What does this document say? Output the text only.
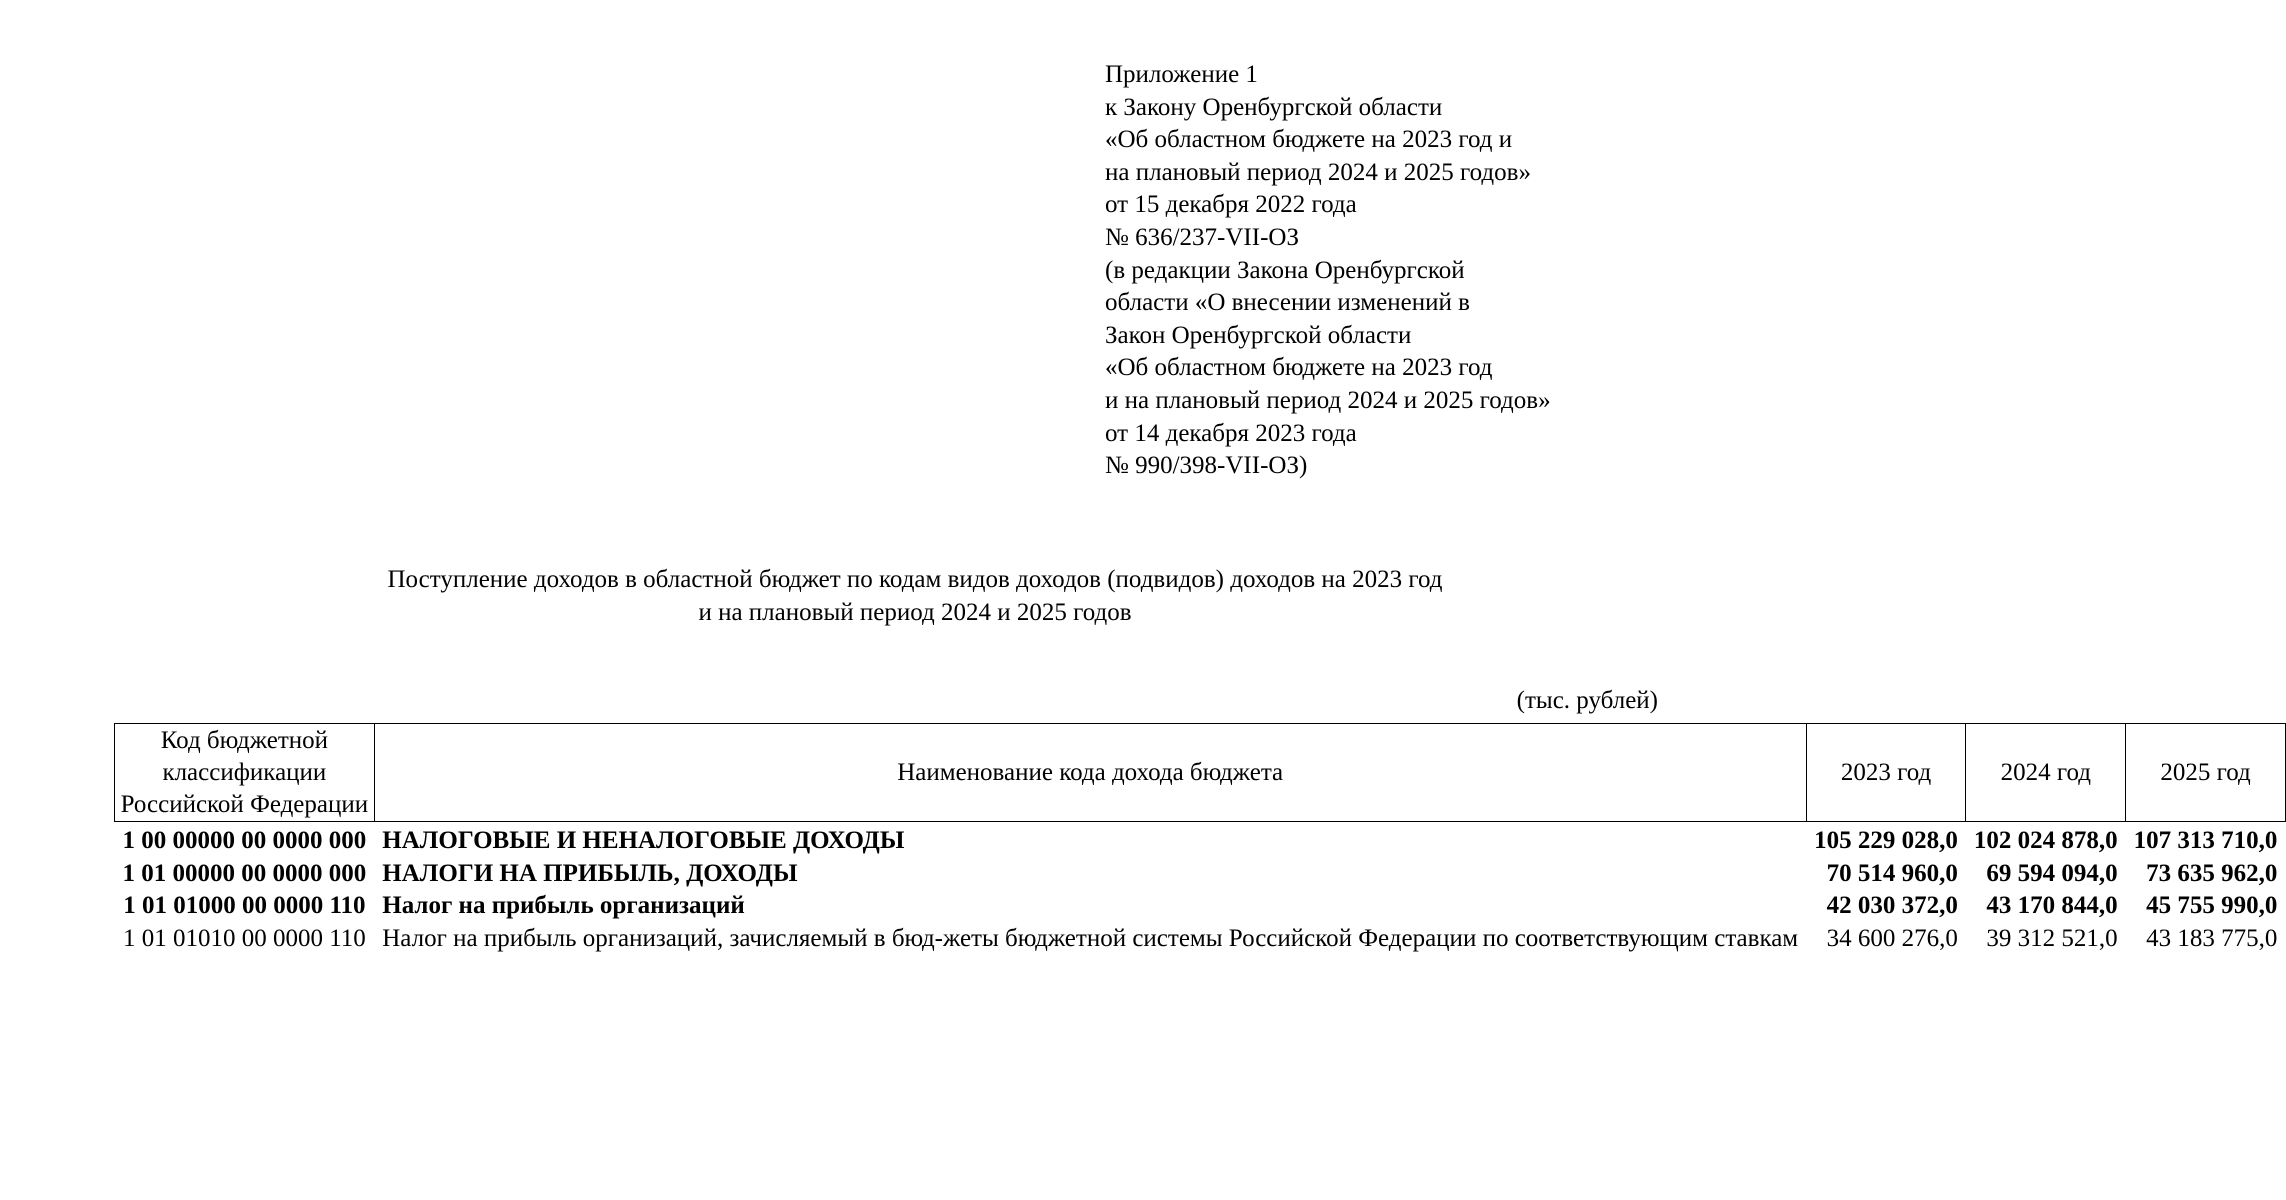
Приложение 1
к Закону Оренбургской области
«Об областном бюджете на 2023 год и
на плановый период 2024 и 2025 годов»
от 15 декабря 2022 года
№ 636/237-VII-ОЗ
(в редакции Закона Оренбургской
области «О внесении изменений в
Закон Оренбургской области
«Об областном бюджете на 2023 год
и на плановый период 2024 и 2025 годов»
от 14 декабря 2023 года
№ 990/398-VII-ОЗ)
Поступление доходов в областной бюджет по кодам видов доходов (подвидов) доходов на 2023 год
и на плановый период 2024 и 2025 годов
(тыс. рублей)
Код бюджетной
классификации
Российской Федерации	Наименование кода дохода бюджета	2023 год	2024 год	2025 год
1 00 00000 00 0000 000	НАЛОГОВЫЕ И НЕНАЛОГОВЫЕ ДОХОДЫ	105 229 028,0	102 024 878,0	107 313 710,0
1 01 00000 00 0000 000	НАЛОГИ НА ПРИБЫЛЬ, ДОХОДЫ	70 514 960,0	69 594 094,0	73 635 962,0
1 01 01000 00 0000 110	Налог на прибыль организаций	42 030 372,0	43 170 844,0	45 755 990,0
1 01 01010 00 0000 110	Налог на прибыль организаций, зачисляемый в бюд-жеты бюджетной системы Российской Федерации по соответствующим ставкам	34 600 276,0	39 312 521,0	43 183 775,0
